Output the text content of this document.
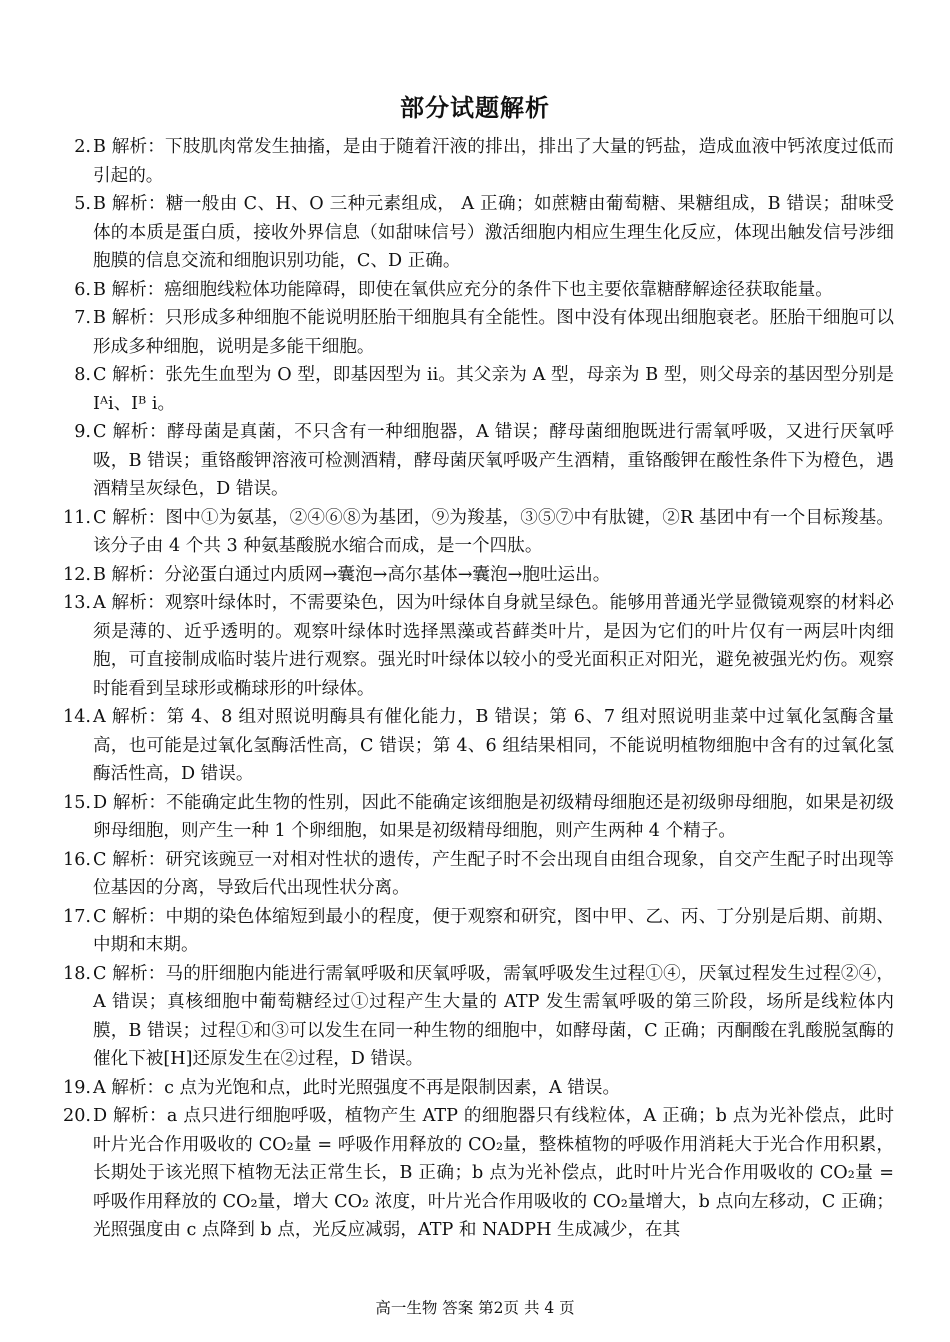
部分试题解析
2. B 解析：下肢肌肉常发生抽搐，是由于随着汗液的排出，排出了大量的钙盐，造成血液中钙浓度过低而引起的。
5. B 解析：糖一般由 C、H、O 三种元素组成， A 正确；如蔗糖由葡萄糖、果糖组成，B 错误；甜味受体的本质是蛋白质，接收外界信息（如甜味信号）激活细胞内相应生理生化反应，体现出触发信号涉细胞膜的信息交流和细胞识别功能，C、D 正确。
6. B 解析：癌细胞线粒体功能障碍，即使在氧供应充分的条件下也主要依靠糖酵解途径获取能量。
7. B 解析：只形成多种细胞不能说明胚胎干细胞具有全能性。图中没有体现出细胞衰老。胚胎干细胞可以形成多种细胞，说明是多能干细胞。
8. C 解析：张先生血型为 O 型，即基因型为 ii。其父亲为 A 型，母亲为 B 型，则父母亲的基因型分别是 Iᴬi、Iᴮ i。
9. C 解析：酵母菌是真菌，不只含有一种细胞器，A 错误；酵母菌细胞既进行需氧呼吸，又进行厌氧呼吸，B 错误；重铬酸钾溶液可检测酒精，酵母菌厌氧呼吸产生酒精，重铬酸钾在酸性条件下为橙色，遇酒精呈灰绿色，D 错误。
11. C 解析：图中①为氨基，②④⑥⑧为基团，⑨为羧基，③⑤⑦中有肽键，②R 基团中有一个目标羧基。该分子由 4 个共 3 种氨基酸脱水缩合而成，是一个四肽。
12. B 解析：分泌蛋白通过内质网→囊泡→高尔基体→囊泡→胞吐运出。
13. A 解析：观察叶绿体时，不需要染色，因为叶绿体自身就呈绿色。能够用普通光学显微镜观察的材料必须是薄的、近乎透明的。观察叶绿体时选择黑藻或苔藓类叶片，是因为它们的叶片仅有一两层叶肉细胞，可直接制成临时装片进行观察。强光时叶绿体以较小的受光面积正对阳光，避免被强光灼伤。观察时能看到呈球形或椭球形的叶绿体。
14. A 解析：第 4、8 组对照说明酶具有催化能力，B 错误；第 6、7 组对照说明韭菜中过氧化氢酶含量高，也可能是过氧化氢酶活性高，C 错误；第 4、6 组结果相同，不能说明植物细胞中含有的过氧化氢酶活性高，D 错误。
15. D 解析：不能确定此生物的性别，因此不能确定该细胞是初级精母细胞还是初级卵母细胞，如果是初级卵母细胞，则产生一种 1 个卵细胞，如果是初级精母细胞，则产生两种 4 个精子。
16. C 解析：研究该豌豆一对相对性状的遗传，产生配子时不会出现自由组合现象，自交产生配子时出现等位基因的分离，导致后代出现性状分离。
17. C 解析：中期的染色体缩短到最小的程度，便于观察和研究，图中甲、乙、丙、丁分别是后期、前期、中期和末期。
18. C 解析：马的肝细胞内能进行需氧呼吸和厌氧呼吸，需氧呼吸发生过程①④，厌氧过程发生过程②④，A 错误；真核细胞中葡萄糖经过①过程产生大量的 ATP 发生需氧呼吸的第三阶段，场所是线粒体内膜，B 错误；过程①和③可以发生在同一种生物的细胞中，如酵母菌，C 正确；丙酮酸在乳酸脱氢酶的催化下被[H]还原发生在②过程，D 错误。
19. A 解析：c 点为光饱和点，此时光照强度不再是限制因素，A 错误。
20. D 解析：a 点只进行细胞呼吸，植物产生 ATP 的细胞器只有线粒体，A 正确；b 点为光补偿点，此时叶片光合作用吸收的 CO₂量 = 呼吸作用释放的 CO₂量，整株植物的呼吸作用消耗大于光合作用积累，长期处于该光照下植物无法正常生长，B 正确；b 点为光补偿点，此时叶片光合作用吸收的 CO₂量 = 呼吸作用释放的 CO₂量，增大 CO₂ 浓度，叶片光合作用吸收的 CO₂量增大，b 点向左移动，C 正确；光照强度由 c 点降到 b 点，光反应减弱，ATP 和 NADPH 生成减少，在其
高一生物 答案 第2页 共 4 页
